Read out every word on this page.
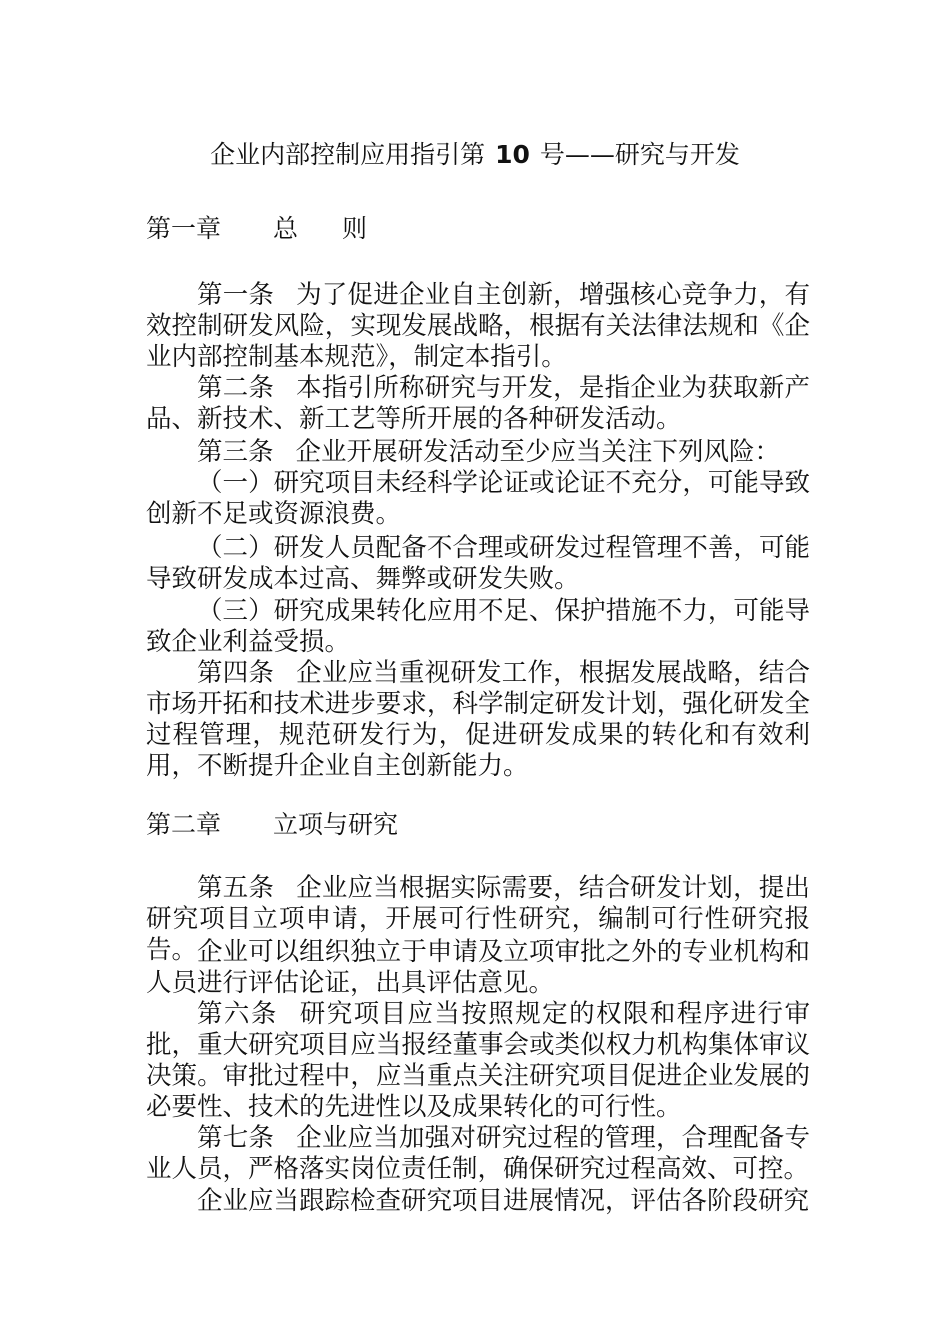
企业内部控制应用指引第 10 号——研究与开发
第一章 总 则

第一条 为了促进企业自主创新，增强核心竞争力，有效控制研发风险，实现发展战略，根据有关法律法规和《企业内部控制基本规范》，制定本指引。

第二条 本指引所称研究与开发，是指企业为获取新产品、新技术、新工艺等所开展的各种研发活动。

第三条 企业开展研发活动至少应当关注下列风险：

（一）研究项目未经科学论证或论证不充分，可能导致创新不足或资源浪费。

（二）研发人员配备不合理或研发过程管理不善，可能导致研发成本过高、舞弊或研发失败。

（三）研究成果转化应用不足、保护措施不力，可能导致企业利益受损。

第四条 企业应当重视研发工作，根据发展战略，结合市场开拓和技术进步要求，科学制定研发计划，强化研发全过程管理，规范研发行为，促进研发成果的转化和有效利用，不断提升企业自主创新能力。

第二章 立项与研究

第五条 企业应当根据实际需要，结合研发计划，提出研究项目立项申请，开展可行性研究，编制可行性研究报告。 企业可以组织独立于申请及立项审批之外的专业机构和人员进行评估论证，出具评估意见。

第六条 研究项目应当按照规定的权限和程序进行审批，重大研究项目应当报经董事会或类似权力机构集体审议决策。审批过程中，应当重点关注研究项目促进企业发展的必要性、技术的先进性以及成果转化的可行性。

第七条 企业应当加强对研究过程的管理，合理配备专业人员，严格落实岗位责任制，确保研究过程高效、可控。

企业应当跟踪检查研究项目进展情况，评估各阶段研究
